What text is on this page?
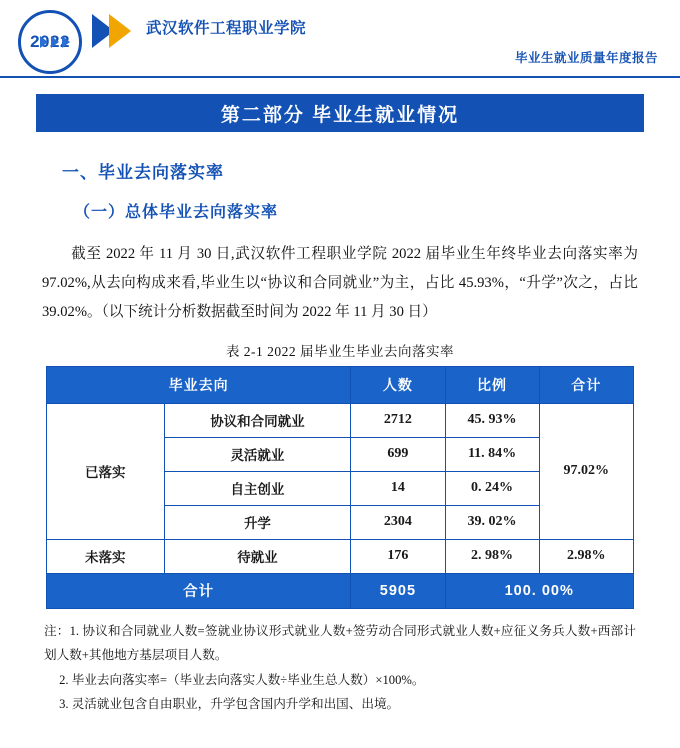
2022
武汉软件工程职业学院
毕业生就业质量年度报告
第二部分 毕业生就业情况
一、毕业去向落实率
（一）总体毕业去向落实率

截至 2022 年 11 月 30 日,武汉软件工程职业学院 2022 届毕业生年终毕业去向落实率为 97.02%,从去向构成来看,毕业生以“协议和合同就业”为主，占比 45.93%，“升学”次之，占比 39.02%。（以下统计分析数据截至时间为 2022 年 11 月 30 日）

表 2-1 2022 届毕业生毕业去向落实率
毕业去向		人数	比例	合计
已落实	协议和合同就业	2712	45. 93%	97.02%
	灵活就业	699	11. 84%	
	自主创业	14	0. 24%	
	升学	2304	39. 02%	
未落实	待就业	176	2. 98%	2.98%
合计		5905	100. 00%	
注：1. 协议和合同就业人数=签就业协议形式就业人数+签劳动合同形式就业人数+应征义务兵人数+西部计划人数+其他地方基层项目人数。
2. 毕业去向落实率=（毕业去向落实人数÷毕业生总人数）×100%。
3. 灵活就业包含自由职业，升学包含国内升学和出国、出境。
